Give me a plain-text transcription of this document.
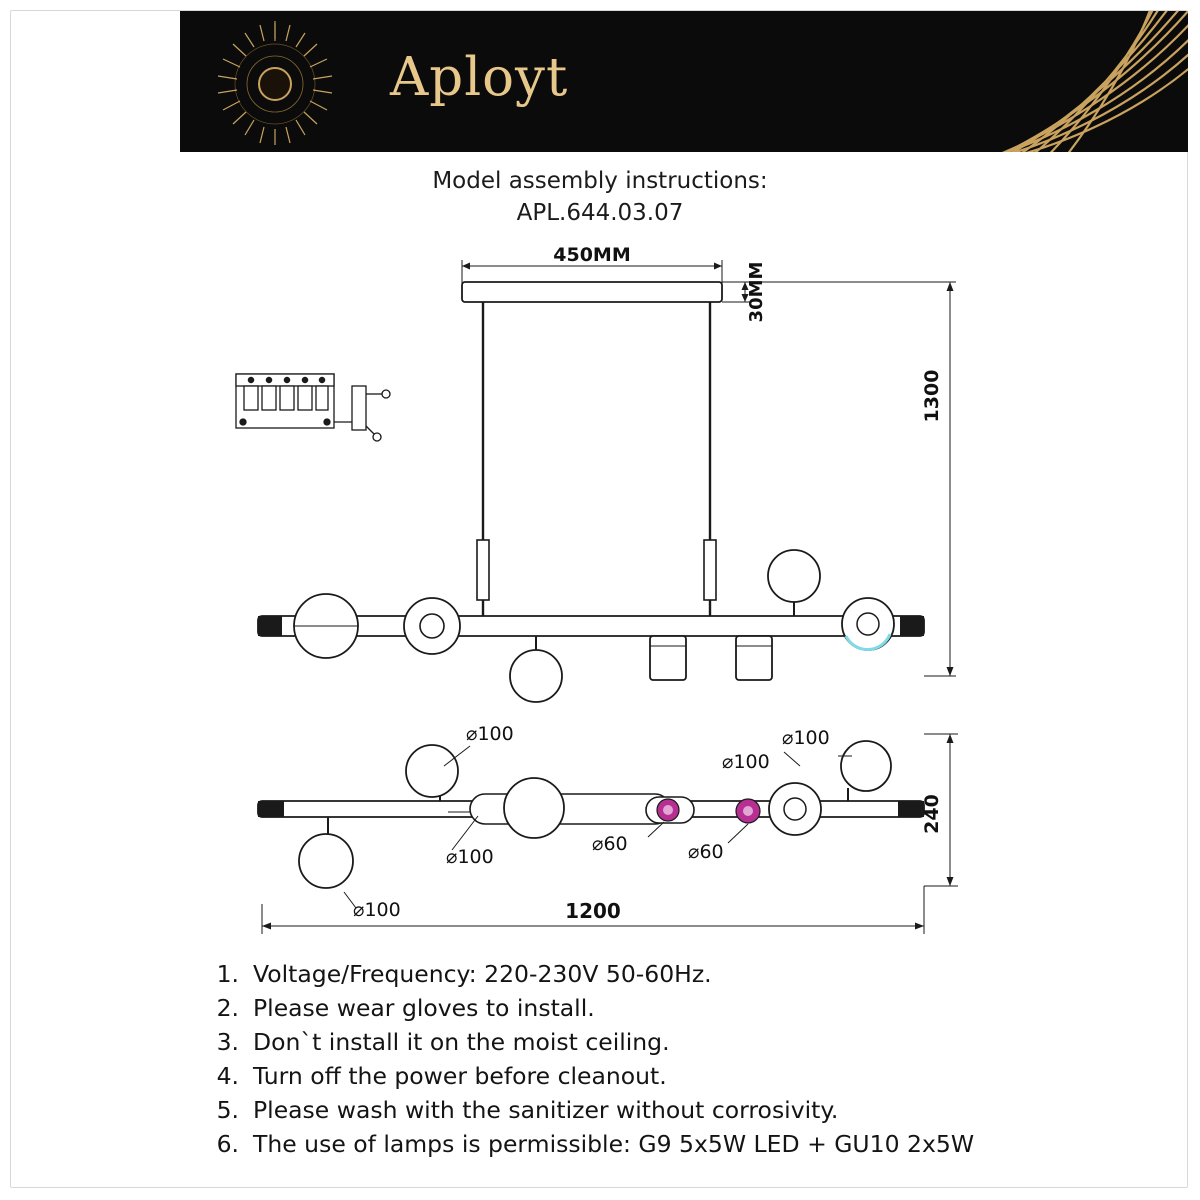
Aployt
Model assembly instructions:
APL.644.03.07
450MM
30MM
1300
240
1200
⌀100
⌀100
⌀100
⌀60	⌀60
⌀100
⌀100
1. Voltage/Frequency: 220-230V 50-60Hz.
2. Please wear gloves to install.
3. Don`t install it on the moist ceiling.
4. Turn off the power before cleanout.
5. Please wash with the sanitizer without corrosivity.
6. The use of lamps is permissible: G9 5x5W LED + GU10 2x5W
